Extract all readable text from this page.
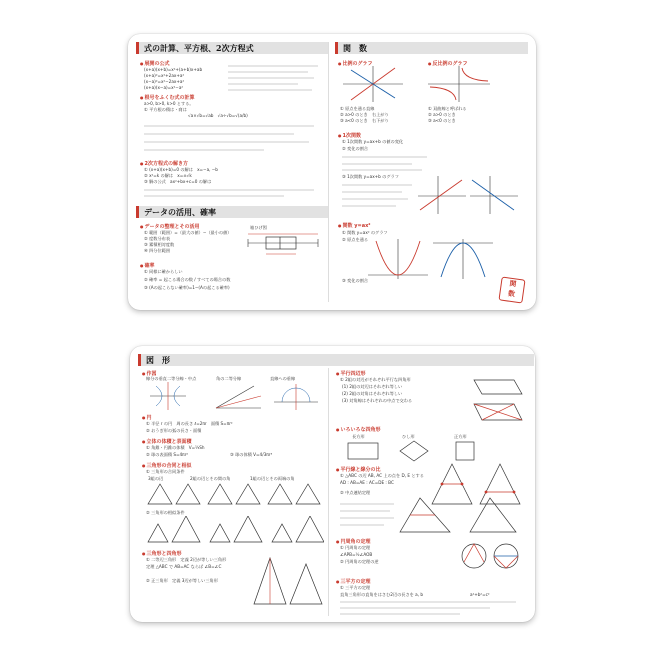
式の計算、平方根、2次方程式	関　数
● 展開の公式
(x+a)(x+b)=x²+(a+b)x+ab
(x+a)²=x²+2ax+a²
(x−a)²=x²−2ax+a²
(x+a)(x−a)=x²−a²
● 根号をふくむ式の計算
a>0, b>0, k>0 とする。
① 平方根の積は・商は
√a×√b=√ab　√a÷√b=√(a/b)
● 2次方程式の解き方
① (x+a)(x+b)=0 の解は　x=−a, −b
② x²=k の解は　x=±√k
③ 解の公式　ax²+bx+c=0 の解は
データの活用、確率
● データの整理とその活用
① 範囲（範囲）=（最大の値）−（最小の値）
② 度数分布表
③ 累積相対度数
④ 四分位範囲
箱ひげ図
● 確率
① 同様に確からしい
② 確率 = 起こる場合の数 / すべての場合の数
③ (Aの起こらない確率)=1−(Aの起こる確率)
● 比例のグラフ
① 原点を通る直線
② a>0 のとき　右上がり
③ a<0 のとき　右下がり
● 反比例のグラフ
① 双曲線と呼ばれる
② a>0 のとき
③ a<0 のとき
● 1次関数
① 1次関数 y=ax+b の値の変化
② 変化の割合
③ 1次関数 y=ax+b のグラフ
● 関数 y=ax²
① 関数 y=ax² のグラフ
② 原点を通る
③ 変化の割合	関
数
図　形
● 作図
線分の垂直二等分線・中点	角の二等分線	直線への垂線
● 円
① 半径 r の円　周の長さ ℓ=2πr　面積 S=πr²
② おうぎ形の弧の長さ・面積
● 立体の体積と表面積
① 角錐・円錐の体積　V=⅓Sh
② 球の表面積 S=4πr²	③ 球の体積 V=4/3πr³
● 三角形の合同と相似
① 三角形の合同条件
3組の辺	2組の辺とその間の角	1組の辺とその両端の角
② 三角形の相似条件
● 三角形と四角形
① 二等辺三角形　定義 2辺が等しい三角形
定理 △ABC で AB=AC ならば ∠B=∠C
② 正三角形　定義 3辺が等しい三角形
● 平行四辺形
① 2組の対辺がそれぞれ平行な四角形
(1) 2組の対辺はそれぞれ等しい
(2) 2組の対角はそれぞれ等しい
(3) 対角線はそれぞれの中点で交わる
● いろいろな四角形
長方形	ひし形	正方形
● 平行線と線分の比
① △ABC の辺 AB, AC 上の点を D, E とする
AD : AB=AE : AC=DE : BC
② 中点連結定理
● 円周角の定理
① 円周角の定理
∠APB=½∠AOB
② 円周角の定理の逆
● 三平方の定理
① 三平方の定理
直角三角形の直角をはさむ2辺の長さを a, b	a²+b²=c²
